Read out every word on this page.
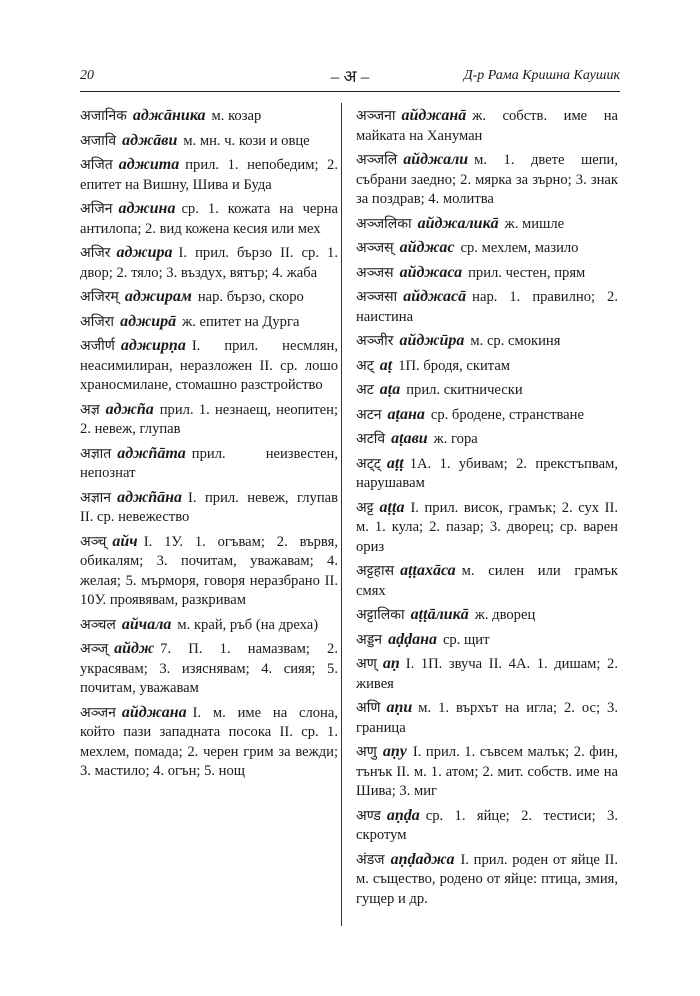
20	– अ –	Д-р Рама Кришна Каушик
अजानिक аджāника м. козар
अजावि аджāви м. мн. ч. кози и овце
अजित аджита прил. 1. непобедим; 2. епитет на Вишну, Шива и Буда
अजिन аджина ср. 1. кожата на черна антилопа; 2. вид кожена кесия или мех
अजिर аджира I. прил. бързо II. ср. 1. двор; 2. тяло; 3. въздух, вятър; 4. жаба
अजिरम् аджирам нар. бързо, скоро
अजिरा аджирā ж. епитет на Дурга
अजीर्ण аджирṇа I. прил. несмлян, неасимилиран, неразложен II. ср. лошо храносмилане, стомашно разстройство
अज्ञ аджñа прил. 1. незнаещ, неопитен; 2. невеж, глупав
अज्ञात аджñāта прил. неизвестен, непознат
अज्ञान аджñāна I. прил. невеж, глупав II. ср. невежество
अञ्च् айч I. 1У. 1. огъвам; 2. вървя, обикалям; 3. почитам, уважавам; 4. желая; 5. мърморя, говоря неразбрано II. 10У. проявявам, разкривам
अञ्चल айчала м. край, ръб (на дреха)
अञ्ज् айдж 7. П. 1. намазвам; 2. украсявам; 3. изяснявам; 4. сияя; 5. почитам, уважавам
अञ्जन айджана I. м. име на слона, който пази западната посока II. ср. 1. мехлем, помада; 2. черен грим за вежди; 3. мастило; 4. огън; 5. нощ
अञ्जना айджанā ж. собств. име на майката на Хануман
अञ्जलि айджали м. 1. двете шепи, събрани заедно; 2. мярка за зърно; 3. знак за поздрав; 4. молитва
अञ्जलिका айджаликā ж. мишле
अञ्जस् айджас ср. мехлем, мазило
अञ्जस айджаса прил. честен, прям
अञ्जसा айджасā нар. 1. правилно; 2. наистина
अञ्जीर айджӣра м. ср. смокиня
अट् аṭ 1П. бродя, скитам
अट аṭа прил. скитнически
अटन аṭана ср. бродене, странстване
अटवि аṭави ж. гора
अट्ट् аṭṭ 1А. 1. убивам; 2. прекстъпвам, нарушавам
अट्ट аṭṭа I. прил. висок, грамък; 2. сух II. м. 1. кула; 2. пазар; 3. дворец; ср. варен ориз
अट्टहास аṭṭахāса м. силен или грамък смях
अट्टालिका аṭṭāликā ж. дворец
अड्डन аḍḍана ср. щит
अण् аṇ I. 1П. звуча II. 4А. 1. дишам; 2. живея
अणि аṇи м. 1. върхът на игла; 2. ос; 3. граница
अणु аṇу I. прил. 1. съвсем малък; 2. фин, тънък II. м. 1. атом; 2. мит. собств. име на Шива; 3. миг
अण्ड аṇḍа ср. 1. яйце; 2. тестиси; 3. скротум
अंडज аṇḍаджа I. прил. роден от яйце II. м. същество, родено от яйце: птица, змия, гущер и др.
